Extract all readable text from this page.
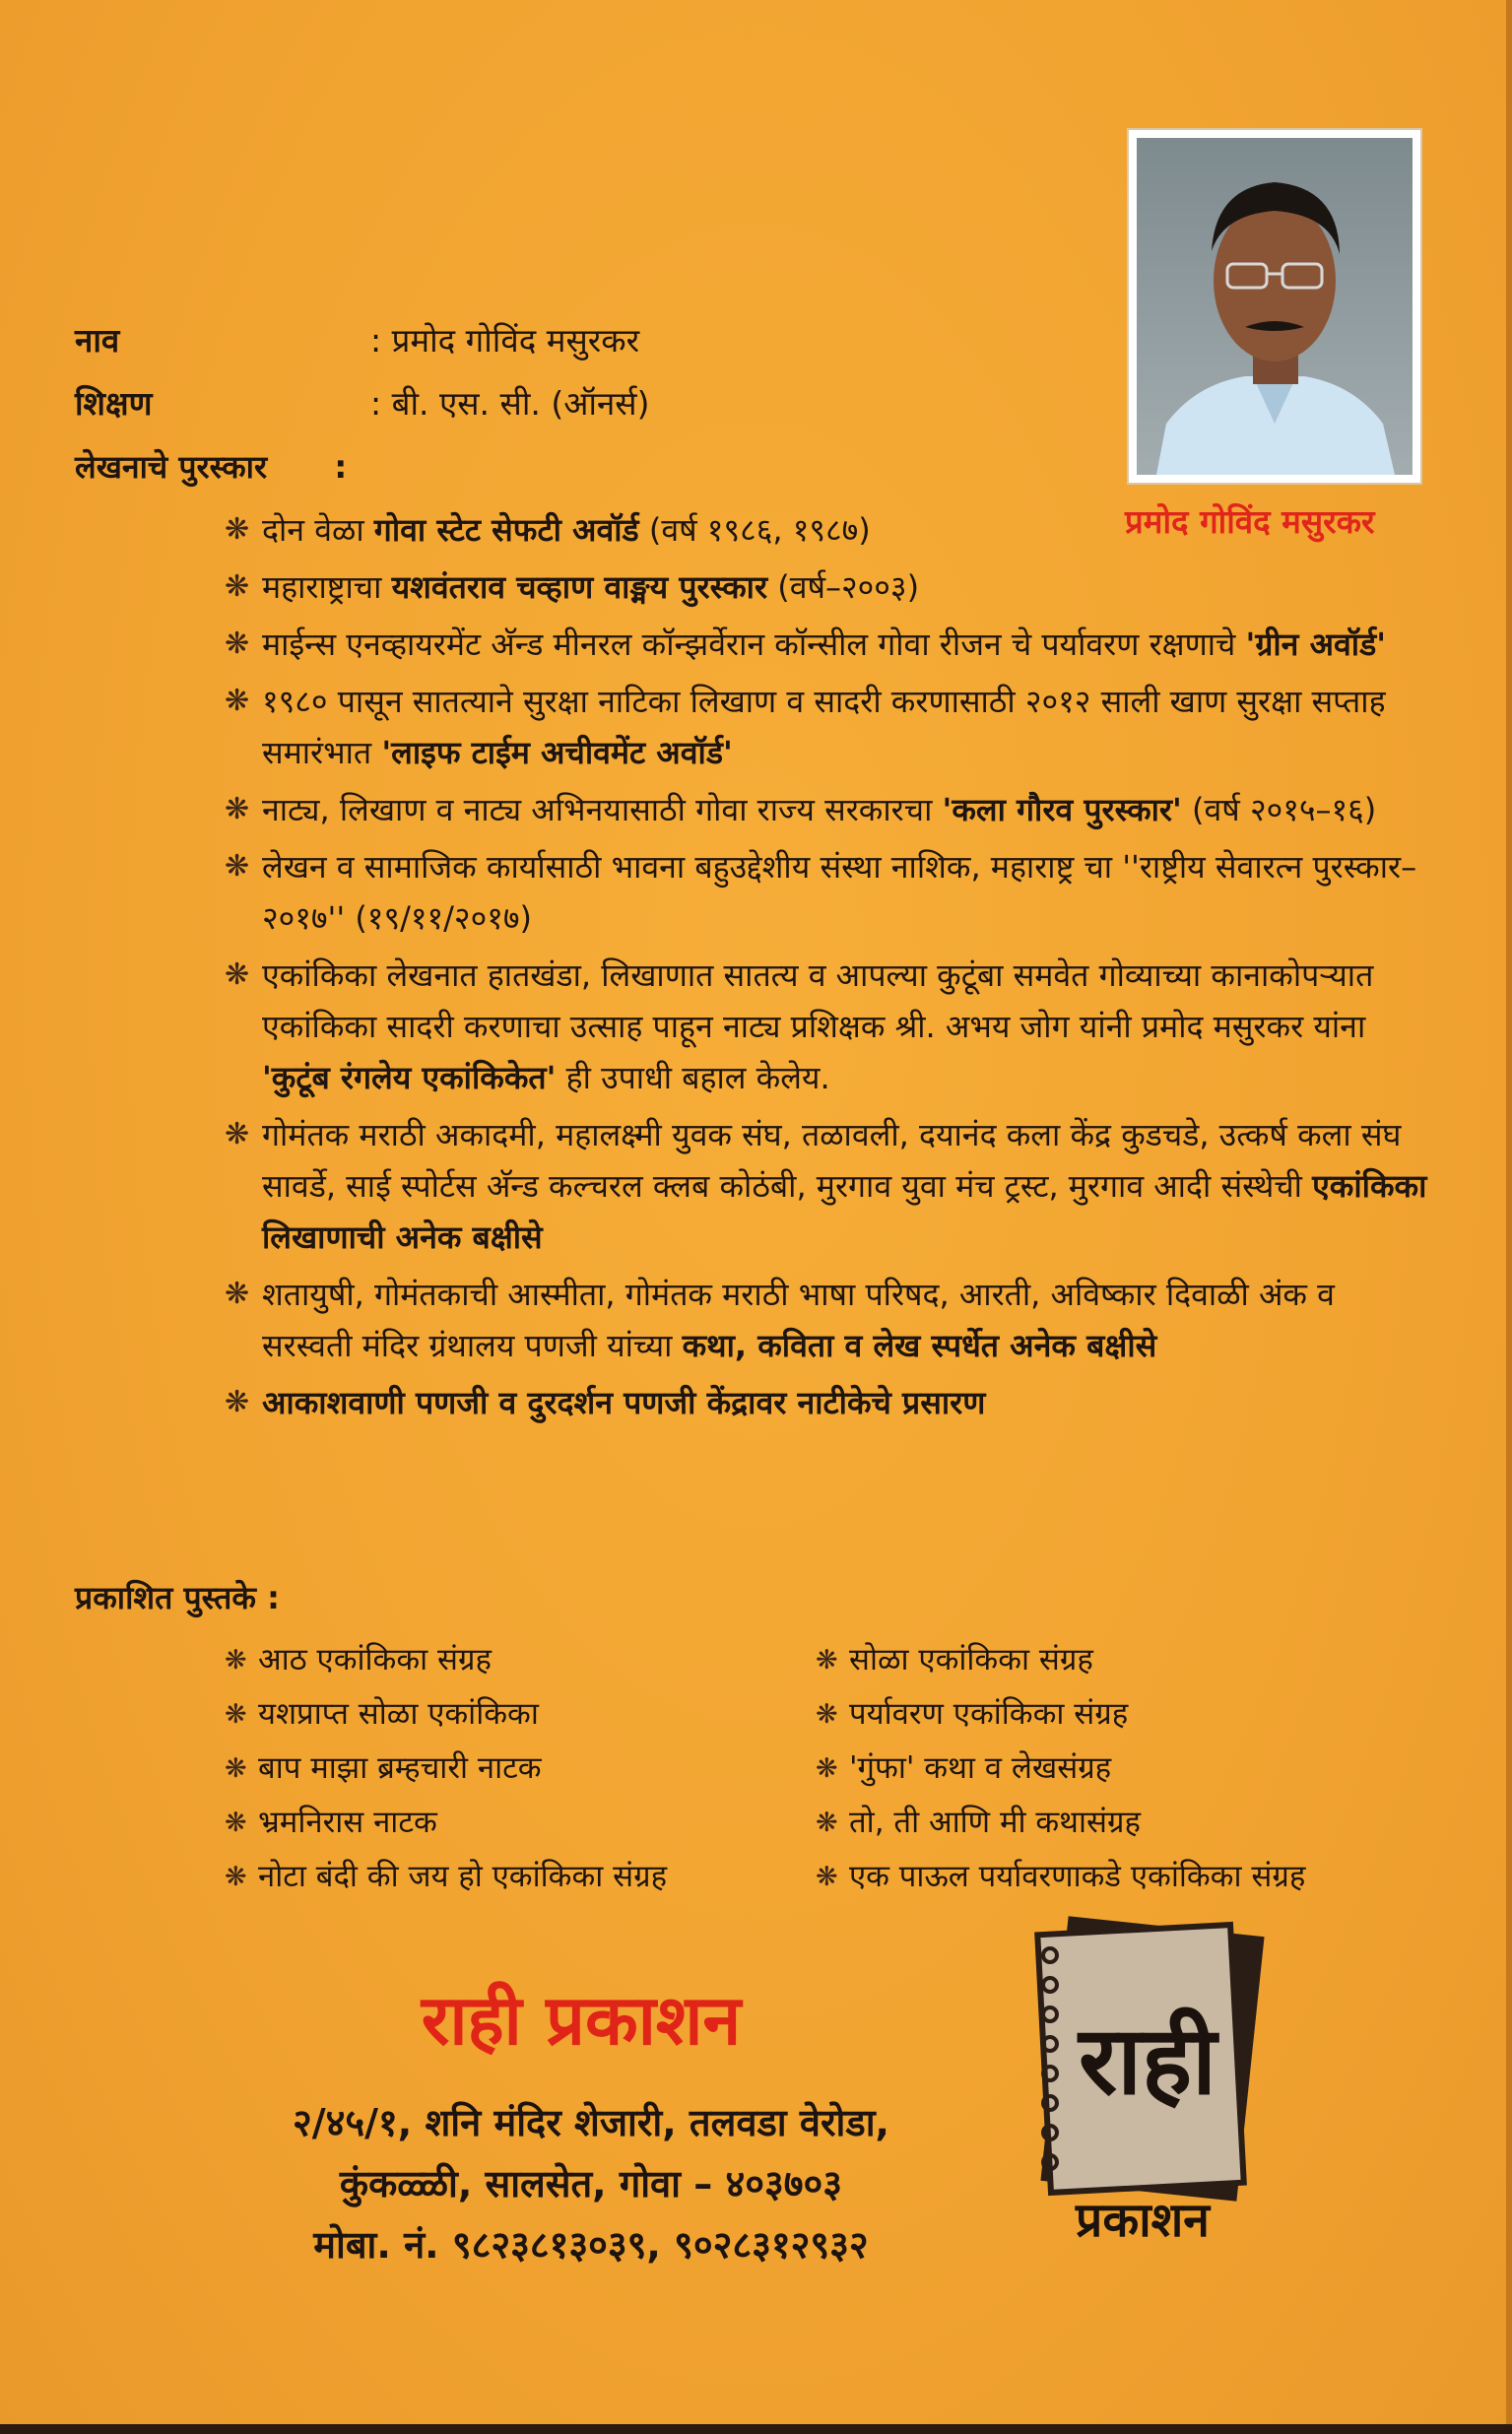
प्रमोद गोविंद मसुरकर
नाव	: प्रमोद गोविंद मसुरकर
शिक्षण	: बी. एस. सी. (ऑनर्स)
लेखनाचे पुरस्कार :
❋ दोन वेळा गोवा स्टेट सेफटी अवॉर्ड (वर्ष १९८६, १९८७)
❋ महाराष्ट्राचा यशवंतराव चव्हाण वाङ्मय पुरस्कार (वर्ष–२००३)
❋ माईन्स एनव्हायरमेंट अ‍ॅन्ड मीनरल कॉन्झर्वेरान कॉन्सील गोवा रीजन चे पर्यावरण रक्षणाचे 'ग्रीन अवॉर्ड'
❋ १९८० पासून सातत्याने सुरक्षा नाटिका लिखाण व सादरी करणासाठी २०१२ साली खाण सुरक्षा सप्ताह समारंभात 'लाइफ टाईम अचीवमेंट अवॉर्ड'
❋ नाट्य, लिखाण व नाट्य अभिनयासाठी गोवा राज्य सरकारचा 'कला गौरव पुरस्कार' (वर्ष २०१५–१६)
❋ लेखन व सामाजिक कार्यासाठी भावना बहुउद्देशीय संस्था नाशिक, महाराष्ट्र चा ''राष्ट्रीय सेवारत्न पुरस्कार–२०१७'' (१९/११/२०१७)
❋ एकांकिका लेखनात हातखंडा, लिखाणात सातत्य व आपल्या कुटूंबा समवेत गोव्याच्या कानाकोपऱ्यात एकांकिका सादरी करणाचा उत्साह पाहून नाट्य प्रशिक्षक श्री. अभय जोग यांनी प्रमोद मसुरकर यांना 'कुटूंब रंगलेय एकांकिकेत' ही उपाधी बहाल केलेय.
❋ गोमंतक मराठी अकादमी, महालक्ष्मी युवक संघ, तळावली, दयानंद कला केंद्र कुडचडे, उत्कर्ष कला संघ सावर्डे, साई स्पोर्टस अ‍ॅन्ड कल्चरल क्लब कोठंबी, मुरगाव युवा मंच ट्रस्ट, मुरगाव आदी संस्थेची एकांकिका लिखाणाची अनेक बक्षीसे
❋ शतायुषी, गोमंतकाची आस्मीता, गोमंतक मराठी भाषा परिषद, आरती, अविष्कार दिवाळी अंक व सरस्वती मंदिर ग्रंथालय पणजी यांच्या कथा, कविता व लेख स्पर्धेत अनेक बक्षीसे
❋ आकाशवाणी पणजी व दुरदर्शन पणजी केंद्रावर नाटीकेचे प्रसारण
प्रकाशित पुस्तके :
❋ आठ एकांकिका संग्रह
❋ यशप्राप्त सोळा एकांकिका
❋ बाप माझा ब्रम्हचारी नाटक
❋ भ्रमनिरास नाटक
❋ नोटा बंदी की जय हो एकांकिका संग्रह
❋ सोळा एकांकिका संग्रह
❋ पर्यावरण एकांकिका संग्रह
❋ 'गुंफा' कथा व लेखसंग्रह
❋ तो, ती आणि मी कथासंग्रह
❋ एक पाऊल पर्यावरणाकडे एकांकिका संग्रह
राही प्रकाशन
२/४५/१, शनि मंदिर शेजारी, तलवडा वेरोडा,
कुंकळ्ळी, सालसेत, गोवा – ४०३७०३
मोबा. नं. ९८२३८१३०३९, ९०२८३१२९३२
राही
प्रकाशन
